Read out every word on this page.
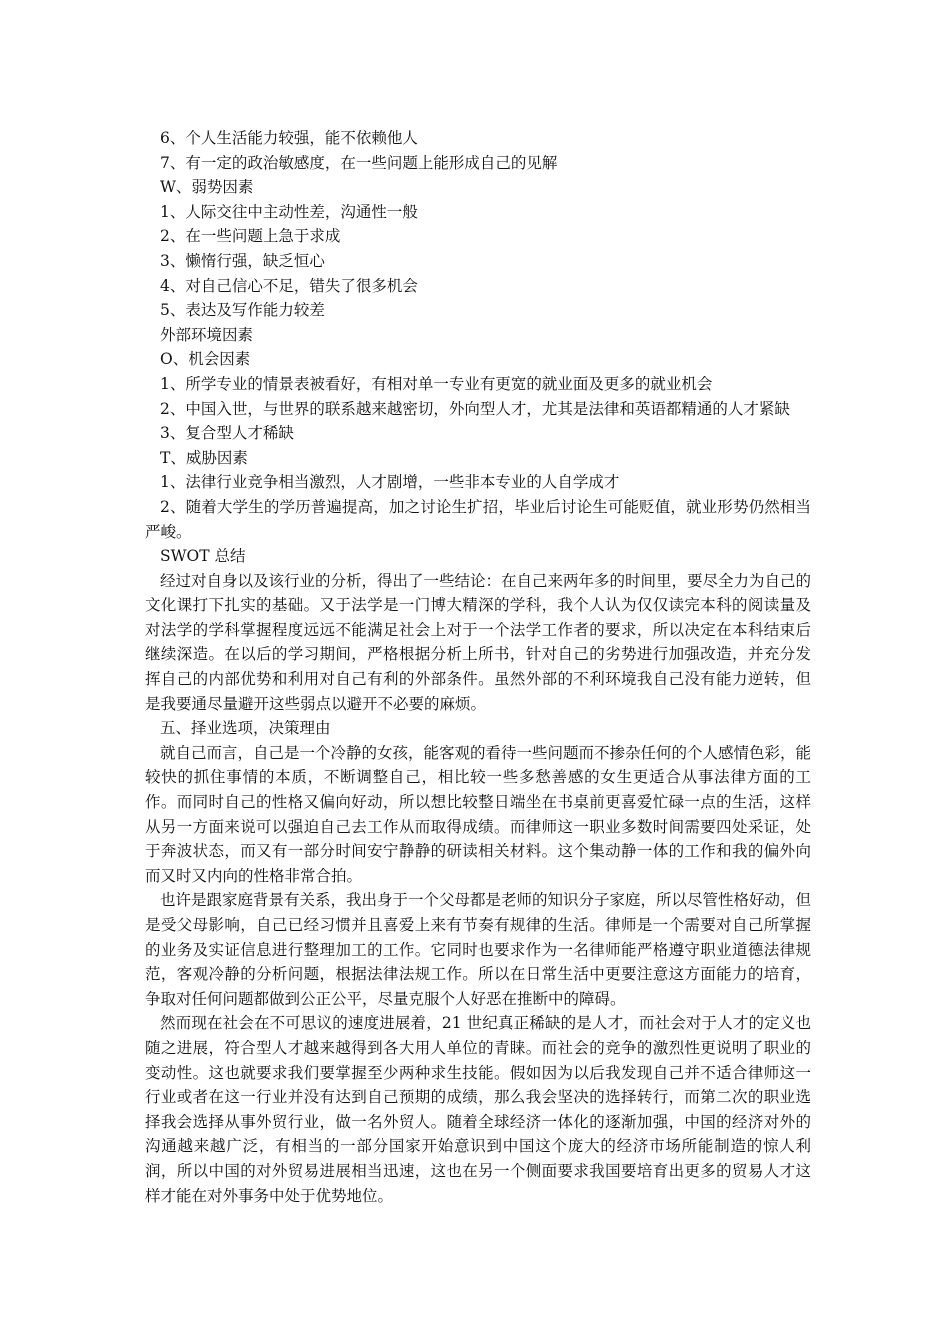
6、个人生活能力较强，能不依赖他人
7、有一定的政治敏感度，在一些问题上能形成自己的见解
W、弱势因素
1、人际交往中主动性差，沟通性一般
2、在一些问题上急于求成
3、懒惰行强，缺乏恒心
4、对自己信心不足，错失了很多机会
5、表达及写作能力较差
外部环境因素
O、机会因素
1、所学专业的情景表被看好，有相对单一专业有更宽的就业面及更多的就业机会
2、中国入世，与世界的联系越来越密切，外向型人才，尤其是法律和英语都精通的人才紧缺
3、复合型人才稀缺
T、威胁因素
1、法律行业竞争相当激烈，人才剧增，一些非本专业的人自学成才

2、随着大学生的学历普遍提高，加之讨论生扩招，毕业后讨论生可能贬值，就业形势仍然相当严峻。

SWOT 总结

经过对自身以及该行业的分析，得出了一些结论：在自己来两年多的时间里，要尽全力为自己的文化课打下扎实的基础。又于法学是一门博大精深的学科，我个人认为仅仅读完本科的阅读量及对法学的学科掌握程度远远不能满足社会上对于一个法学工作者的要求，所以决定在本科结束后继续深造。在以后的学习期间，严格根据分析上所书，针对自己的劣势进行加强改造，并充分发挥自己的内部优势和利用对自己有利的外部条件。虽然外部的不利环境我自己没有能力逆转，但是我要通尽量避开这些弱点以避开不必要的麻烦。

五、择业选项，决策理由

就自己而言，自己是一个冷静的女孩，能客观的看待一些问题而不掺杂任何的个人感情色彩，能较快的抓住事情的本质，不断调整自己，相比较一些多愁善感的女生更适合从事法律方面的工作。而同时自己的性格又偏向好动，所以想比较整日端坐在书桌前更喜爱忙碌一点的生活，这样从另一方面来说可以强迫自己去工作从而取得成绩。而律师这一职业多数时间需要四处采证，处于奔波状态，而又有一部分时间安宁静静的研读相关材料。这个集动静一体的工作和我的偏外向而又时又内向的性格非常合拍。

也许是跟家庭背景有关系，我出身于一个父母都是老师的知识分子家庭，所以尽管性格好动，但是受父母影响，自己已经习惯并且喜爱上来有节奏有规律的生活。律师是一个需要对自己所掌握的业务及实证信息进行整理加工的工作。它同时也要求作为一名律师能严格遵守职业道德法律规范，客观冷静的分析问题，根据法律法规工作。所以在日常生活中更要注意这方面能力的培育，争取对任何问题都做到公正公平，尽量克服个人好恶在推断中的障碍。

然而现在社会在不可思议的速度进展着，21 世纪真正稀缺的是人才，而社会对于人才的定义也随之进展，符合型人才越来越得到各大用人单位的青睐。而社会的竞争的激烈性更说明了职业的变动性。这也就要求我们要掌握至少两种求生技能。假如因为以后我发现自己并不适合律师这一行业或者在这一行业并没有达到自己预期的成绩，那么我会坚决的选择转行，而第二次的职业选择我会选择从事外贸行业，做一名外贸人。随着全球经济一体化的逐渐加强，中国的经济对外的沟通越来越广泛，有相当的一部分国家开始意识到中国这个庞大的经济市场所能制造的惊人利润，所以中国的对外贸易进展相当迅速，这也在另一个侧面要求我国要培育出更多的贸易人才这样才能在对外事务中处于优势地位。
